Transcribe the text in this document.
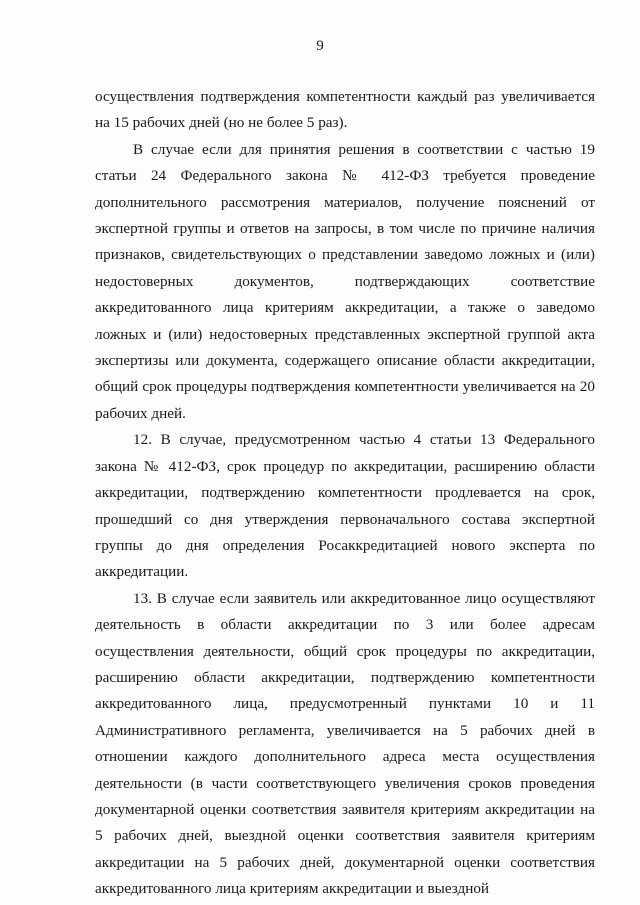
9

осуществления подтверждения компетентности каждый раз увеличивается на 15 рабочих дней (но не более 5 раз).

В случае если для принятия решения в соответствии с частью 19 статьи 24 Федерального закона № 412-ФЗ требуется проведение дополнительного рассмотрения материалов, получение пояснений от экспертной группы и ответов на запросы, в том числе по причине наличия признаков, свидетельствующих о представлении заведомо ложных и (или) недостоверных документов, подтверждающих соответствие аккредитованного лица критериям аккредитации, а также о заведомо ложных и (или) недостоверных представленных экспертной группой акта экспертизы или документа, содержащего описание области аккредитации, общий срок процедуры подтверждения компетентности увеличивается на 20 рабочих дней.

12. В случае, предусмотренном частью 4 статьи 13 Федерального закона № 412-ФЗ, срок процедур по аккредитации, расширению области аккредитации, подтверждению компетентности продлевается на срок, прошедший со дня утверждения первоначального состава экспертной группы до дня определения Росаккредитацией нового эксперта по аккредитации.

13. В случае если заявитель или аккредитованное лицо осуществляют деятельность в области аккредитации по 3 или более адресам осуществления деятельности, общий срок процедуры по аккредитации, расширению области аккредитации, подтверждению компетентности аккредитованного лица, предусмотренный пунктами 10 и 11 Административного регламента, увеличивается на 5 рабочих дней в отношении каждого дополнительного адреса места осуществления деятельности (в части соответствующего увеличения сроков проведения документарной оценки соответствия заявителя критериям аккредитации на 5 рабочих дней, выездной оценки соответствия заявителя критериям аккредитации на 5 рабочих дней, документарной оценки соответствия аккредитованного лица критериям аккредитации и выездной
